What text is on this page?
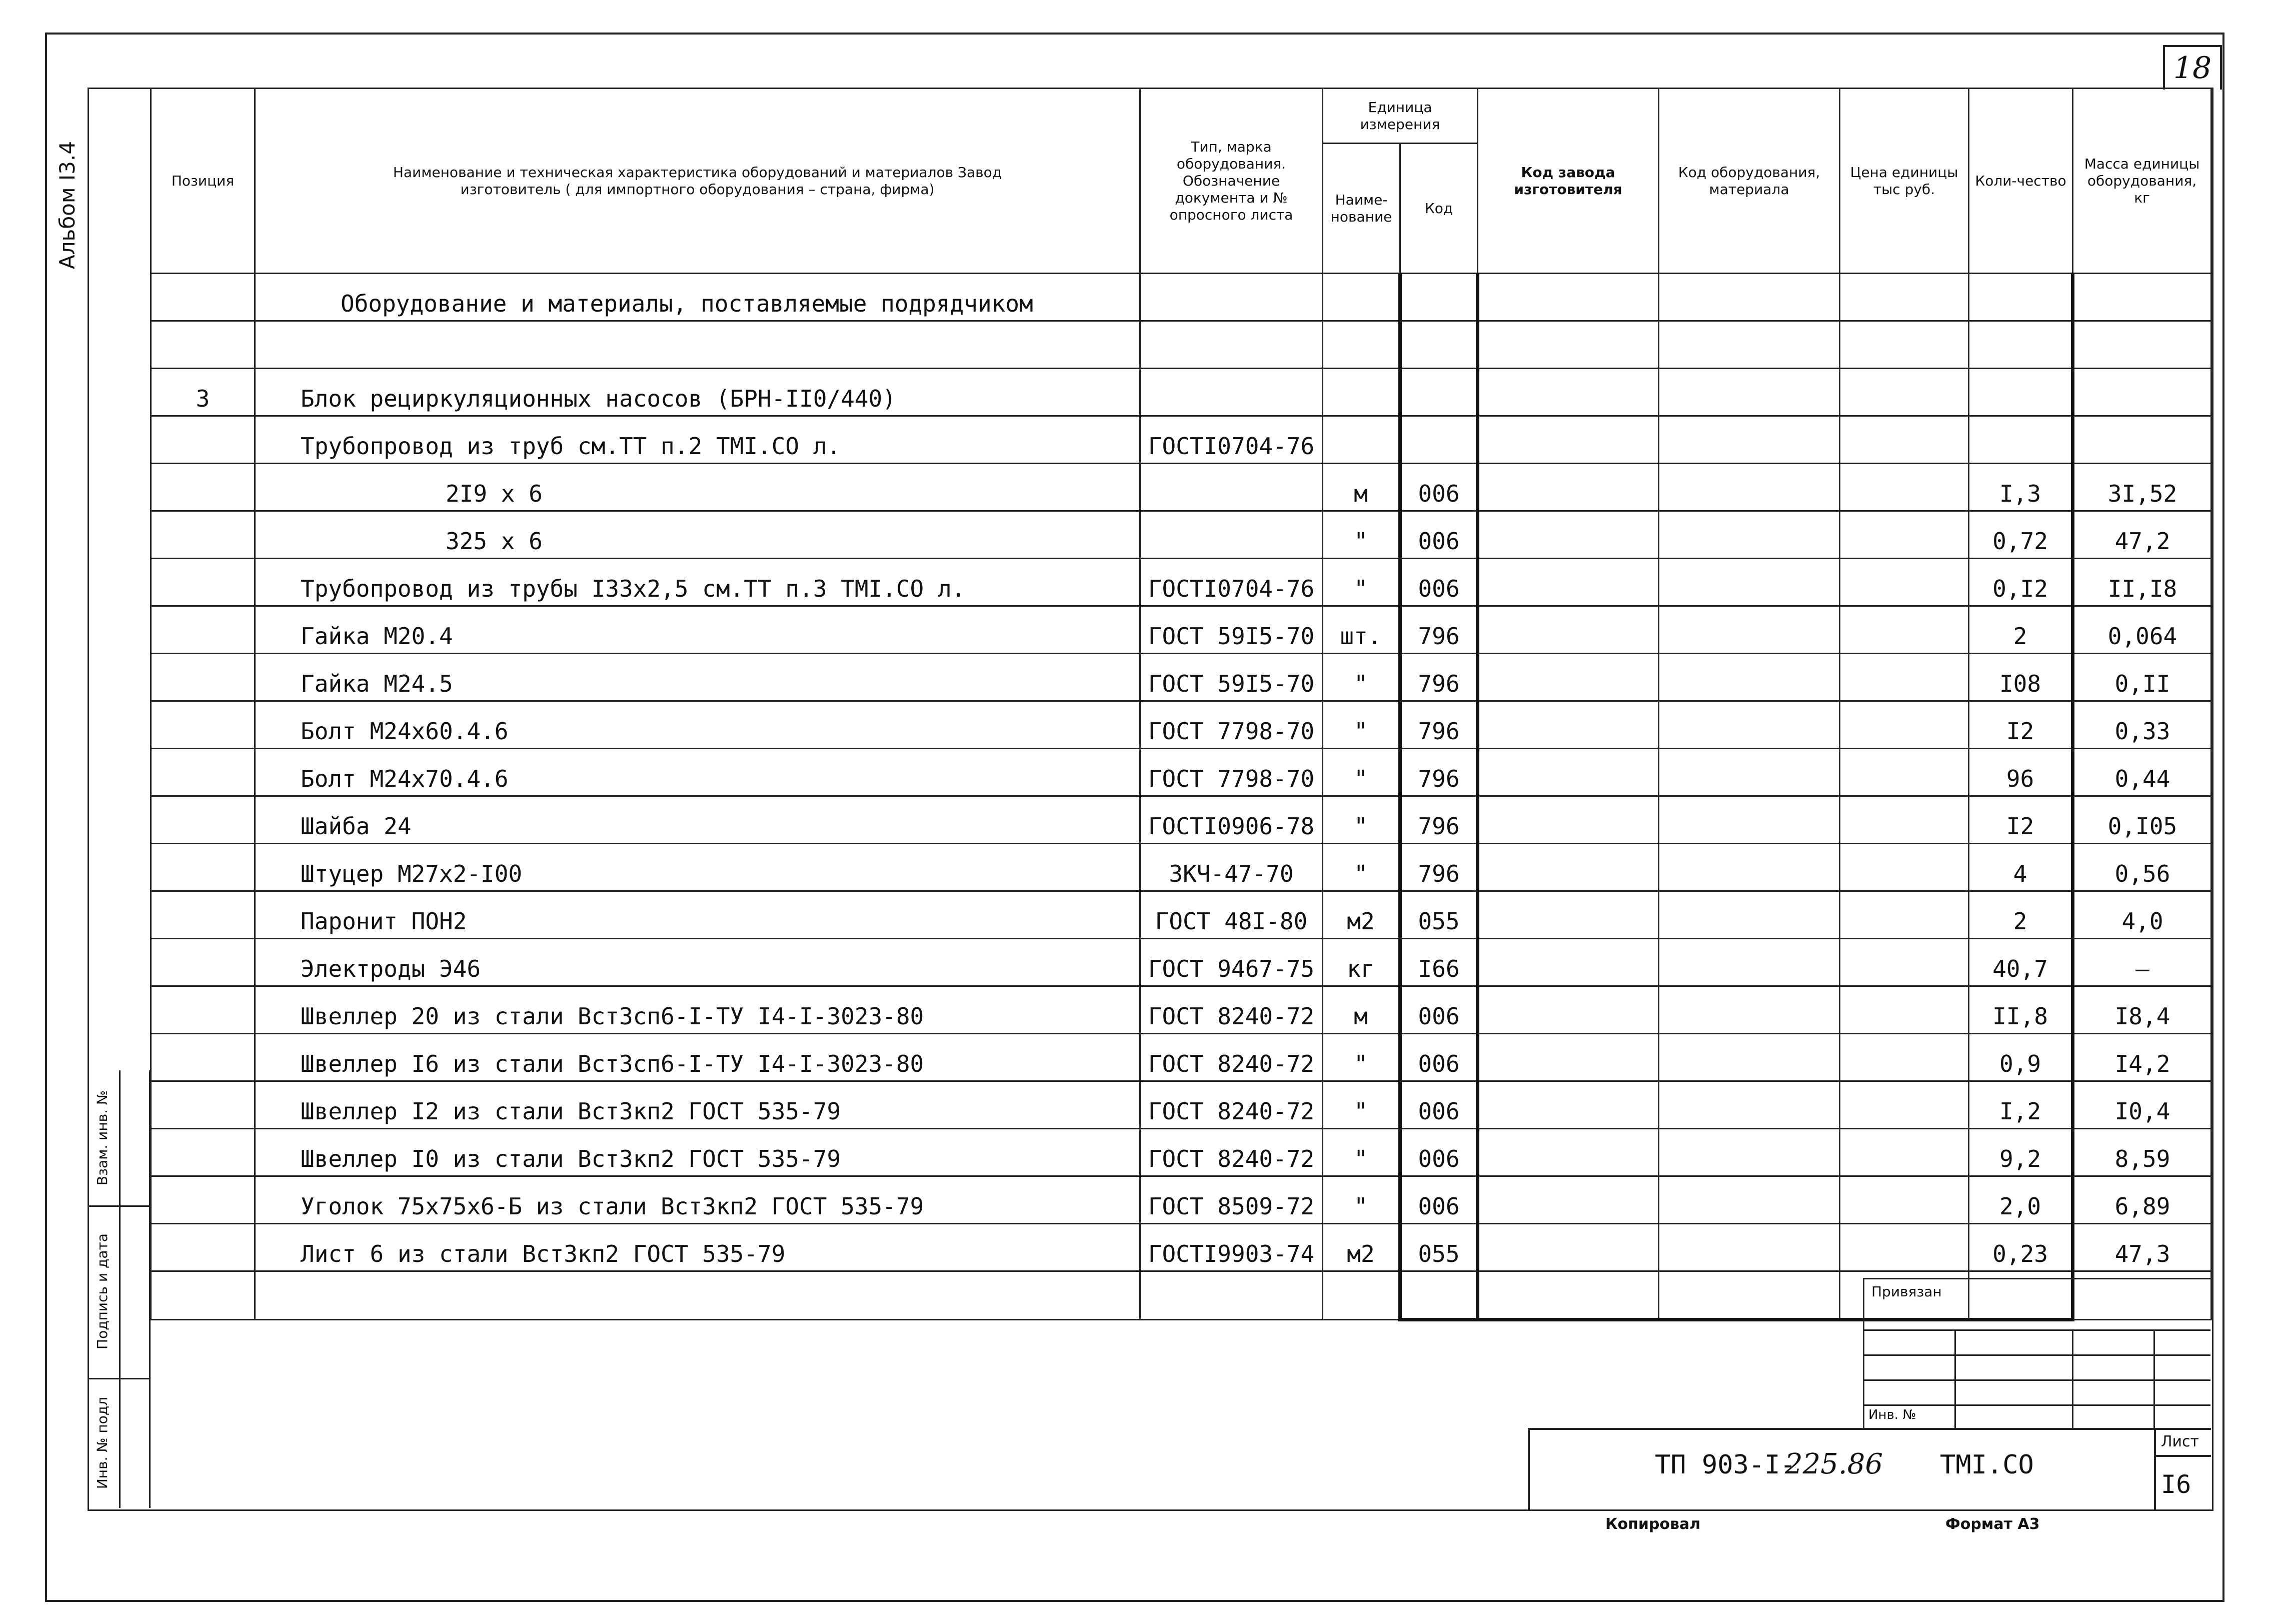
18
Альбом I3.4
Взам. инв. №
Подпись и дата
Инв. № подл
Позиция	Наименование и техническая характеристика оборудований и материалов Завод изготовитель ( для импортного оборудования – страна, фирма)	Тип, марка оборудования. Обозначение документа и № опросного листа	Единица измерения		Код завода изготовителя	Код оборудования, материала	Цена единицы тыс руб.	Коли-чество	Масса единицы оборудования, кг
			Наиме-нование	Код					
	Оборудование и материалы, поставляемые подрядчиком								

3	Блок рециркуляционных насосов (БРН-II0/440)								
	Трубопровод из труб см.ТТ п.2 ТМI.СО л.	ГОСТI0704-76							
	2I9 x 6		м	006				I,3	3I,52
	325 x 6		"	006				0,72	47,2
	Трубопровод из трубы I33x2,5 см.ТТ п.3 ТМI.СО л.	ГОСТI0704-76	"	006				0,I2	II,I8
	Гайка М20.4	ГОСТ 59I5-70	шт.	796				2	0,064
	Гайка М24.5	ГОСТ 59I5-70	"	796				I08	0,II
	Болт М24х60.4.6	ГОСТ 7798-70	"	796				I2	0,33
	Болт М24х70.4.6	ГОСТ 7798-70	"	796				96	0,44
	Шайба 24	ГОСТI0906-78	"	796				I2	0,I05
	Штуцер М27х2-I00	ЗКЧ-47-70	"	796				4	0,56
	Паронит ПОН2	ГОСТ 48I-80	м2	055				2	4,0
	Электроды Э46	ГОСТ 9467-75	кг	I66				40,7	–
	Швеллер 20 из стали ВстЗсп6-I-ТУ I4-I-3023-80	ГОСТ 8240-72	м	006				II,8	I8,4
	Швеллер I6 из стали ВстЗсп6-I-ТУ I4-I-3023-80	ГОСТ 8240-72	"	006				0,9	I4,2
	Швеллер I2 из стали ВстЗкп2 ГОСТ 535-79	ГОСТ 8240-72	"	006				I,2	I0,4
	Швеллер I0 из стали ВстЗкп2 ГОСТ 535-79	ГОСТ 8240-72	"	006				9,2	8,59
	Уголок 75х75х6-Б из стали ВстЗкп2 ГОСТ 535-79	ГОСТ 8509-72	"	006				2,0	6,89
	Лист 6 из стали ВстЗкп2 ГОСТ 535-79	ГОСТI9903-74	м2	055				0,23	47,3

Привязан
Инв. №
ТП 903-I-
225.86 ТМI.СО
Лист
I6
Копировал	Формат А3
